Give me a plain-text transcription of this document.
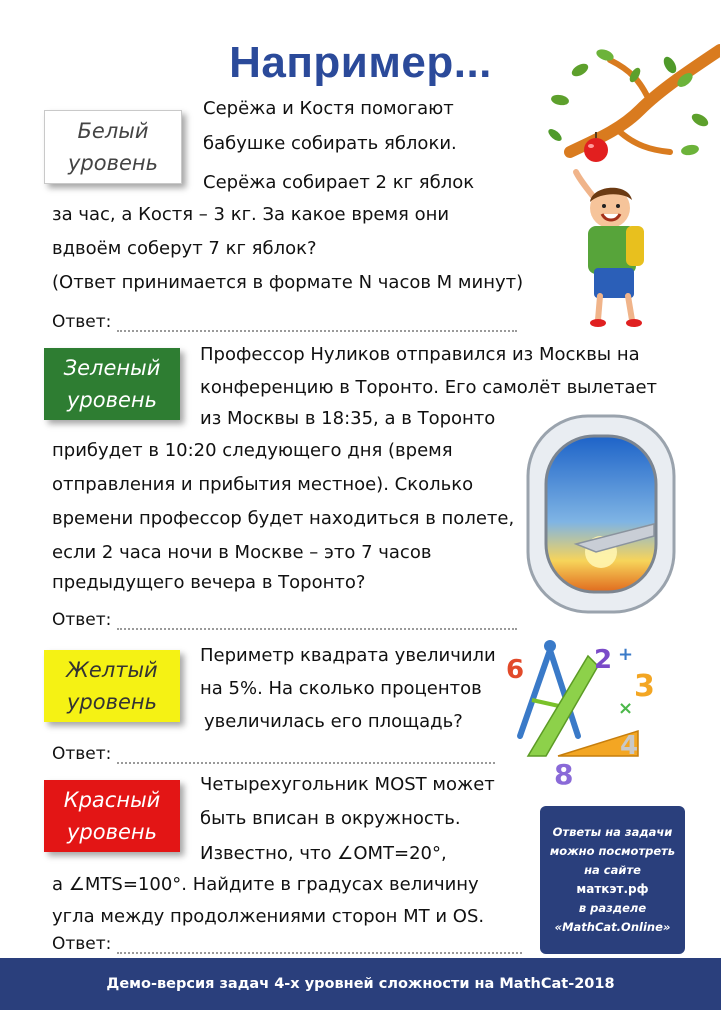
Например...
Белый
уровень
Серёжа и Костя помогают
бабушке собирать яблоки.
Серёжа собирает 2 кг яблок
за час, а Костя – 3 кг. За какое время они
вдвоём соберут 7 кг яблок?
(Ответ принимается в формате N часов M минут)
Ответ:
Зеленый
уровень
Профессор Нуликов отправился из Москвы на
конференцию в Торонто. Его самолёт вылетает
из Москвы в 18:35, а в Торонто
прибудет в 10:20 следующего дня (время
отправления и прибытия местное). Сколько
времени профессор будет находиться в полете,
если 2 часа ночи в Москве – это 7 часов
предыдущего вечера в Торонто?
Ответ:
Желтый
уровень
Периметр квадрата увеличили
на 5%. На сколько процентов
увеличилась его площадь?
Ответ:
Красный
уровень
Четырехугольник MOST может
быть вписан в окружность.
Известно, что ∠OMT=20°,
а ∠MTS=100°. Найдите в градусах величину
угла между продолжениями сторон MT и OS.
Ответ:
6	2 +
3
×
8
4
Ответы на задачи
можно посмотреть
на сайте
маткэт.рф
в разделе
«MathCat.Online»
Демо-версия задач 4-х уровней сложности на MathCat-2018
